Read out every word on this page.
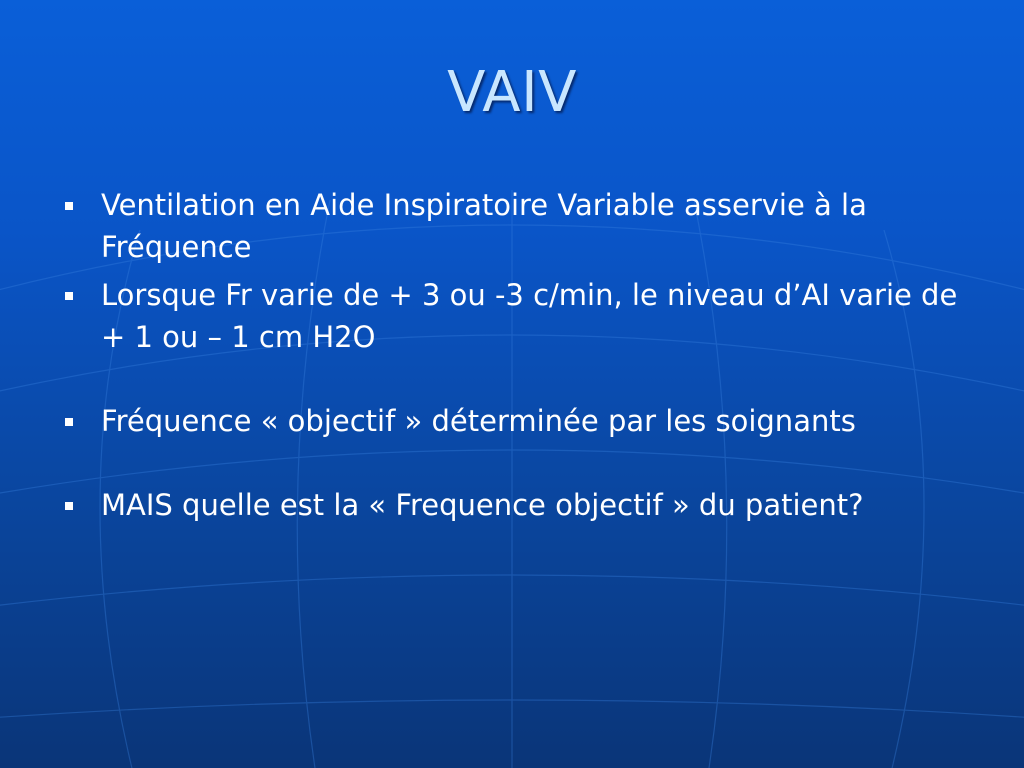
VAIV
Ventilation en Aide Inspiratoire Variable asservie à la Fréquence
Lorsque Fr varie de + 3 ou -3 c/min, le niveau d’AI varie de + 1 ou – 1 cm H2O
Fréquence « objectif » déterminée par les soignants
MAIS quelle est la « Frequence objectif » du patient?
